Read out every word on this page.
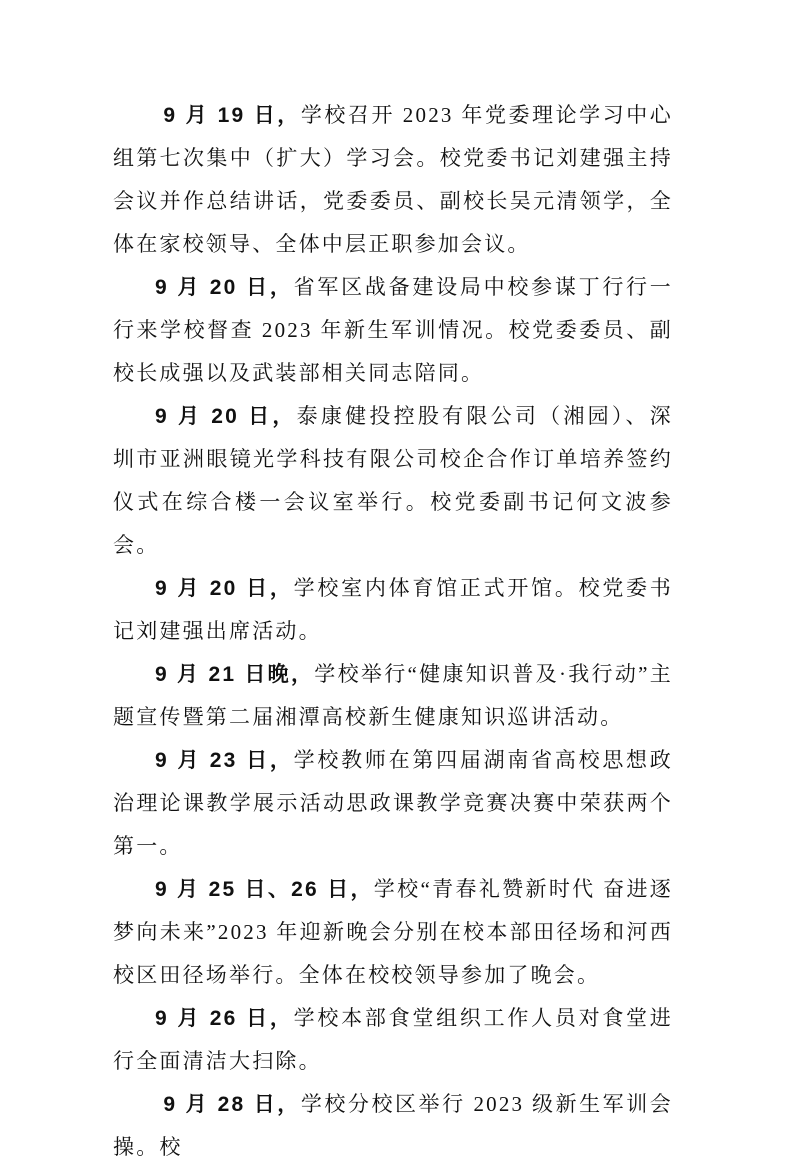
9 月 19 日，学校召开 2023 年党委理论学习中心组第七次集中（扩大）学习会。校党委书记刘建强主持会议并作总结讲话，党委委员、副校长吴元清领学，全体在家校领导、全体中层正职参加会议。

9 月 20 日，省军区战备建设局中校参谋丁行行一行来学校督查 2023 年新生军训情况。校党委委员、副校长成强以及武装部相关同志陪同。

9 月 20 日，泰康健投控股有限公司（湘园）、深圳市亚洲眼镜光学科技有限公司校企合作订单培养签约仪式在综合楼一会议室举行。校党委副书记何文波参会。

9 月 20 日，学校室内体育馆正式开馆。校党委书记刘建强出席活动。

9 月 21 日晚，学校举行“健康知识普及·我行动”主题宣传暨第二届湘潭高校新生健康知识巡讲活动。

9 月 23 日，学校教师在第四届湖南省高校思想政治理论课教学展示活动思政课教学竞赛决赛中荣获两个第一。

9 月 25 日、26 日，学校“青春礼赞新时代 奋进逐梦向未来”2023 年迎新晚会分别在校本部田径场和河西校区田径场举行。全体在校校领导参加了晚会。

9 月 26 日，学校本部食堂组织工作人员对食堂进行全面清洁大扫除。

9 月 28 日，学校分校区举行 2023 级新生军训会操。校
